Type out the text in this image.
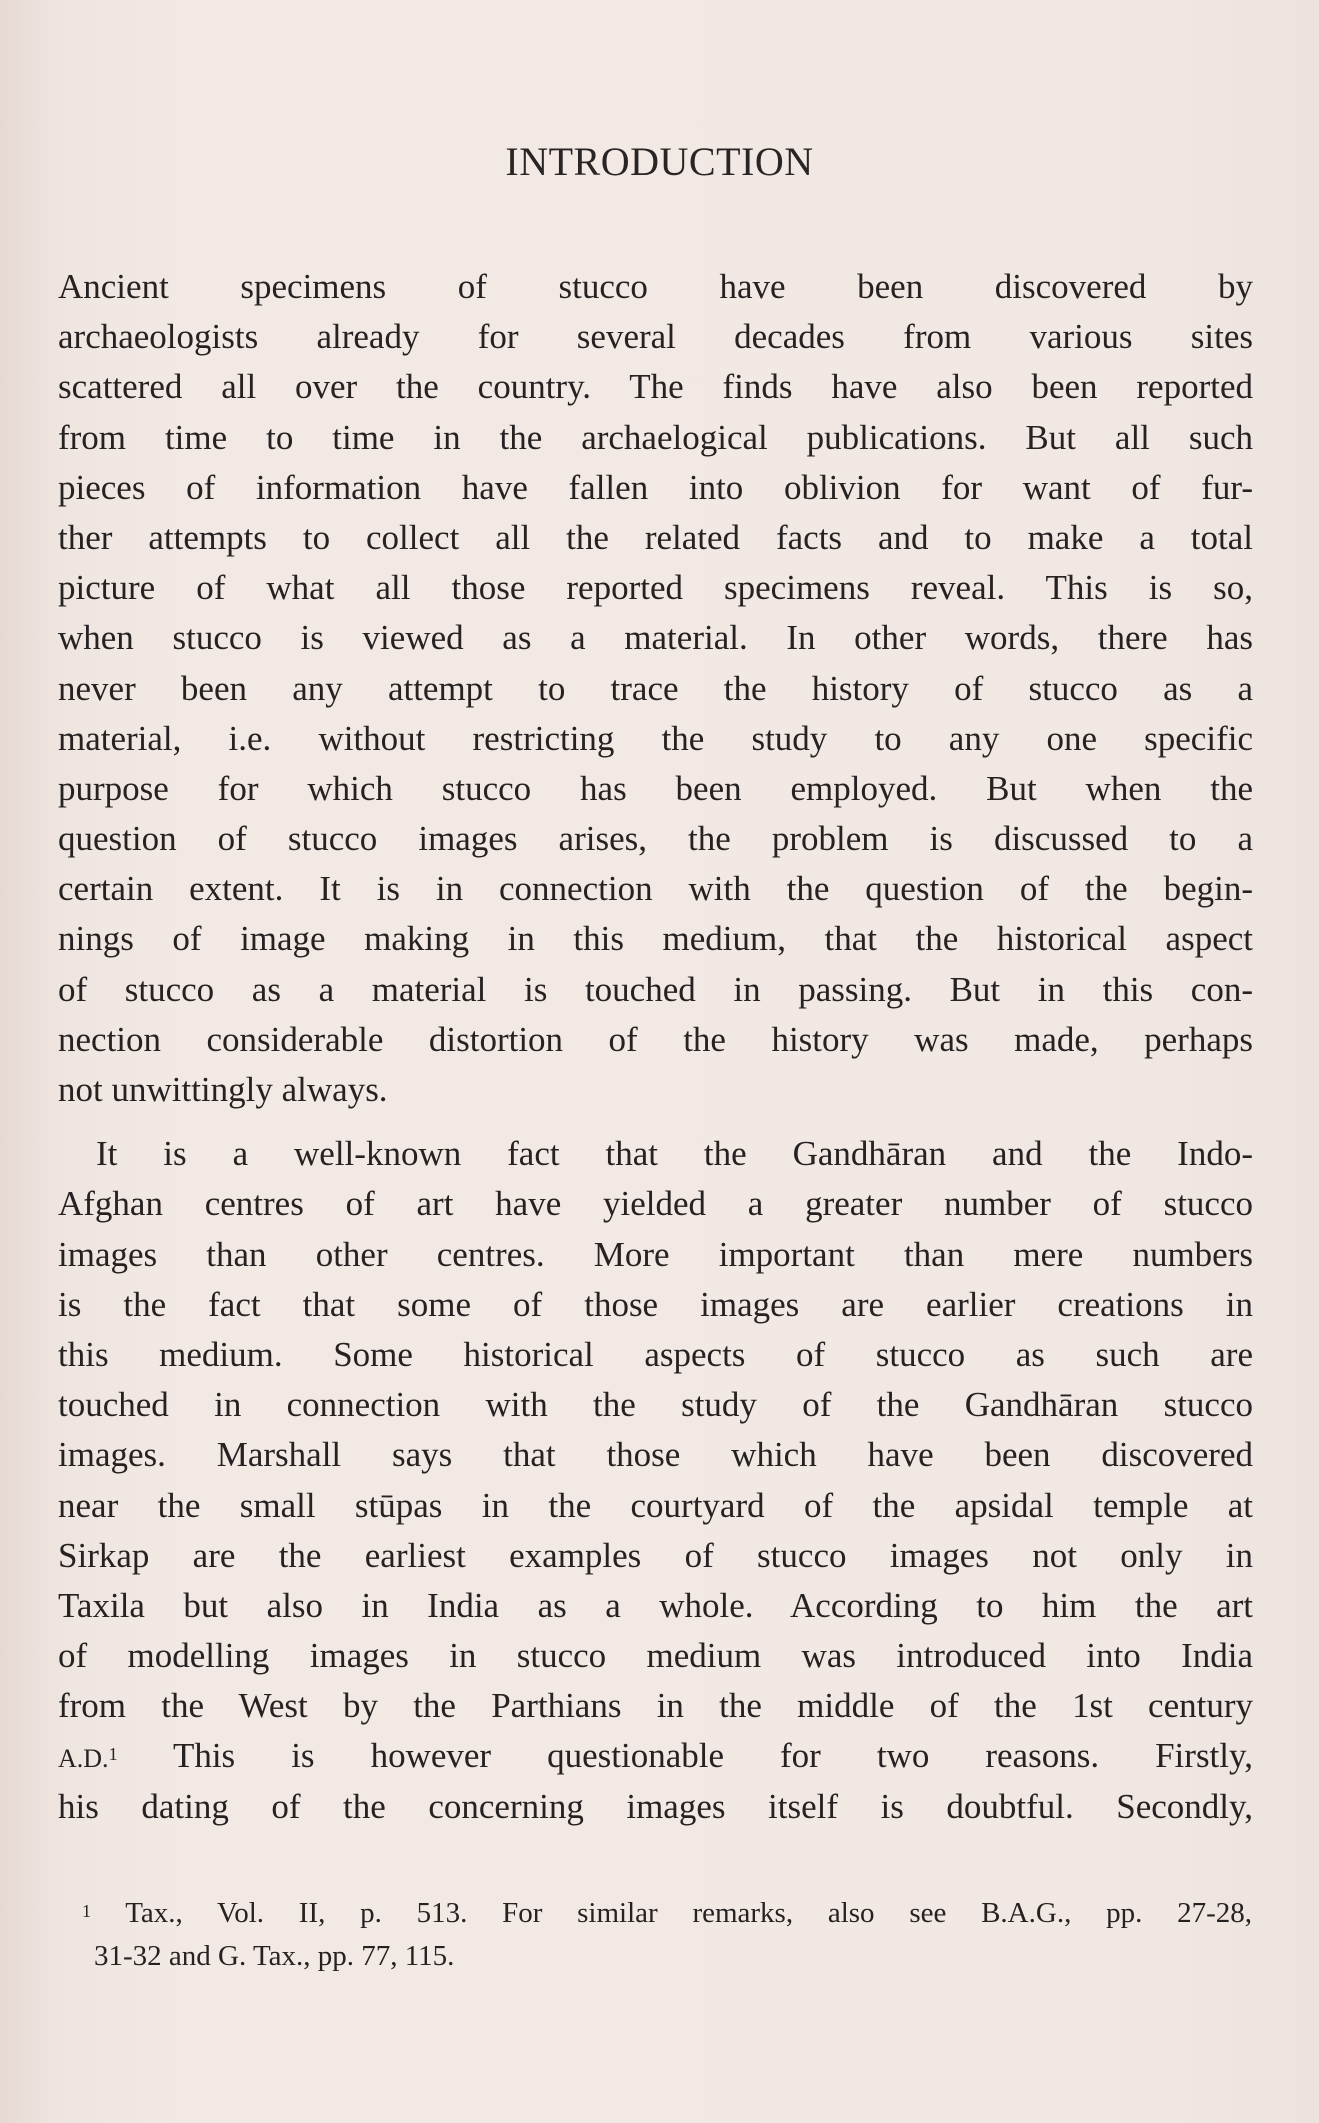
INTRODUCTION
Ancient specimens of stucco have been discovered by
archaeologists already for several decades from various sites
scattered all over the country. The finds have also been reported
from time to time in the archaelogical publications. But all such
pieces of information have fallen into oblivion for want of fur-
ther attempts to collect all the related facts and to make a total
picture of what all those reported specimens reveal. This is so,
when stucco is viewed as a material. In other words, there has
never been any attempt to trace the history of stucco as a
material, i.e. without restricting the study to any one specific
purpose for which stucco has been employed. But when the
question of stucco images arises, the problem is discussed to a
certain extent. It is in connection with the question of the begin-
nings of image making in this medium, that the historical aspect
of stucco as a material is touched in passing. But in this con-
nection considerable distortion of the history was made, perhaps
not unwittingly always.
It is a well-known fact that the Gandhāran and the Indo-
Afghan centres of art have yielded a greater number of stucco
images than other centres. More important than mere numbers
is the fact that some of those images are earlier creations in
this medium. Some historical aspects of stucco as such are
touched in connection with the study of the Gandhāran stucco
images. Marshall says that those which have been discovered
near the small stūpas in the courtyard of the apsidal temple at
Sirkap are the earliest examples of stucco images not only in
Taxila but also in India as a whole. According to him the art
of modelling images in stucco medium was introduced into India
from the West by the Parthians in the middle of the 1st century
A.D.$^1$ This is however questionable for two reasons. Firstly,
his dating of the concerning images itself is doubtful. Secondly,
$^1$ Tax., Vol. II, p. 513. For similar remarks, also see B.A.G., pp. 27-28,
31-32 and G. Tax., pp. 77, 115.
